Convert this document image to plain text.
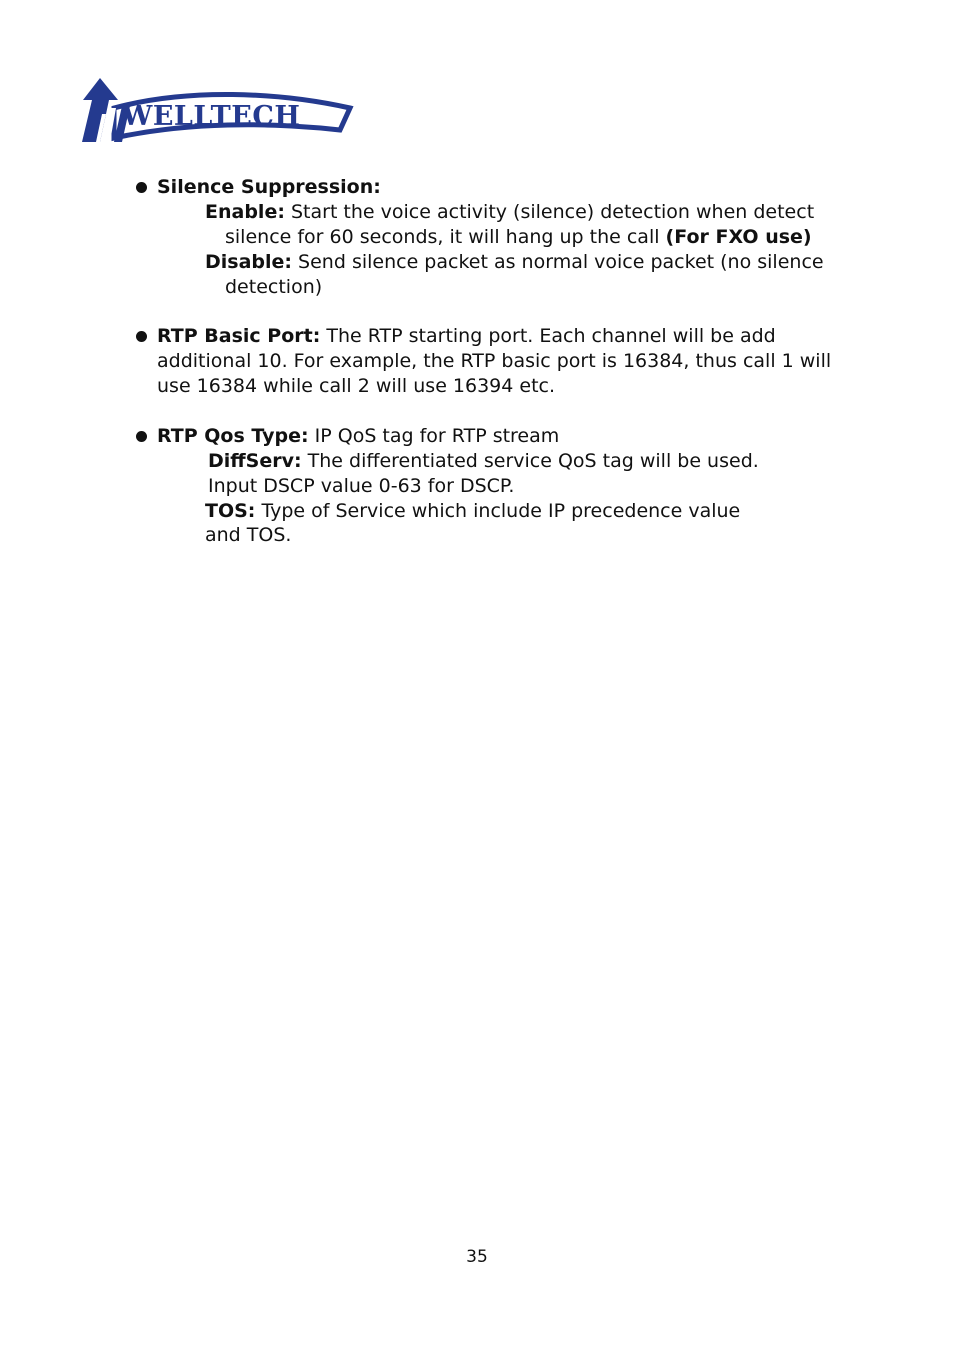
WELLTECH
Silence Suppression:
Enable: Start the voice activity (silence) detection when detect
silence for 60 seconds, it will hang up the call (For FXO use)
Disable: Send silence packet as normal voice packet (no silence
detection)
RTP Basic Port: The RTP starting port. Each channel will be add
additional 10. For example, the RTP basic port is 16384, thus call 1 will
use 16384 while call 2 will use 16394 etc.
RTP Qos Type: IP QoS tag for RTP stream
DiffServ: The differentiated service QoS tag will be used.
Input DSCP value 0-63 for DSCP.
TOS: Type of Service which include IP precedence value
and TOS.
35
